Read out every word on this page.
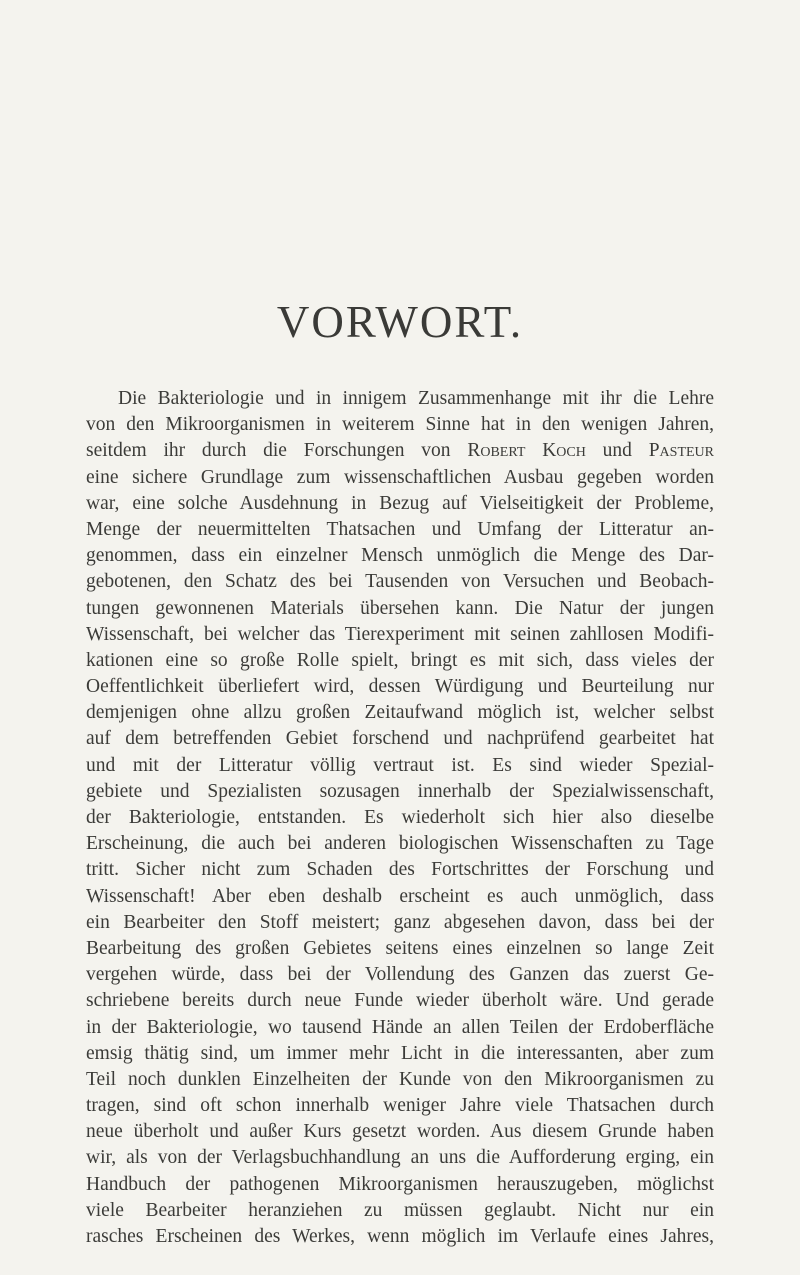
VORWORT.
Die Bakteriologie und in innigem Zusammenhange mit ihr die Lehre
von den Mikroorganismen in weiterem Sinne hat in den wenigen Jahren,
seitdem ihr durch die Forschungen von Robert Koch und Pasteur
eine sichere Grundlage zum wissenschaftlichen Ausbau gegeben worden
war, eine solche Ausdehnung in Bezug auf Vielseitigkeit der Probleme,
Menge der neuermittelten Thatsachen und Umfang der Litteratur an-
genommen, dass ein einzelner Mensch unmöglich die Menge des Dar-
gebotenen, den Schatz des bei Tausenden von Versuchen und Beobach-
tungen gewonnenen Materials übersehen kann. Die Natur der jungen
Wissenschaft, bei welcher das Tierexperiment mit seinen zahllosen Modifi-
kationen eine so große Rolle spielt, bringt es mit sich, dass vieles der
Oeffentlichkeit überliefert wird, dessen Würdigung und Beurteilung nur
demjenigen ohne allzu großen Zeitaufwand möglich ist, welcher selbst
auf dem betreffenden Gebiet forschend und nachprüfend gearbeitet hat
und mit der Litteratur völlig vertraut ist. Es sind wieder Spezial-
gebiete und Spezialisten sozusagen innerhalb der Spezialwissenschaft,
der Bakteriologie, entstanden. Es wiederholt sich hier also dieselbe
Erscheinung, die auch bei anderen biologischen Wissenschaften zu Tage
tritt. Sicher nicht zum Schaden des Fortschrittes der Forschung und
Wissenschaft! Aber eben deshalb erscheint es auch unmöglich, dass
ein Bearbeiter den Stoff meistert; ganz abgesehen davon, dass bei der
Bearbeitung des großen Gebietes seitens eines einzelnen so lange Zeit
vergehen würde, dass bei der Vollendung des Ganzen das zuerst Ge-
schriebene bereits durch neue Funde wieder überholt wäre. Und gerade
in der Bakteriologie, wo tausend Hände an allen Teilen der Erdoberfläche
emsig thätig sind, um immer mehr Licht in die interessanten, aber zum
Teil noch dunklen Einzelheiten der Kunde von den Mikroorganismen zu
tragen, sind oft schon innerhalb weniger Jahre viele Thatsachen durch
neue überholt und außer Kurs gesetzt worden. Aus diesem Grunde haben
wir, als von der Verlagsbuchhandlung an uns die Aufforderung erging, ein
Handbuch der pathogenen Mikroorganismen herauszugeben, möglichst
viele Bearbeiter heranziehen zu müssen geglaubt. Nicht nur ein
rasches Erscheinen des Werkes, wenn möglich im Verlaufe eines Jahres,
